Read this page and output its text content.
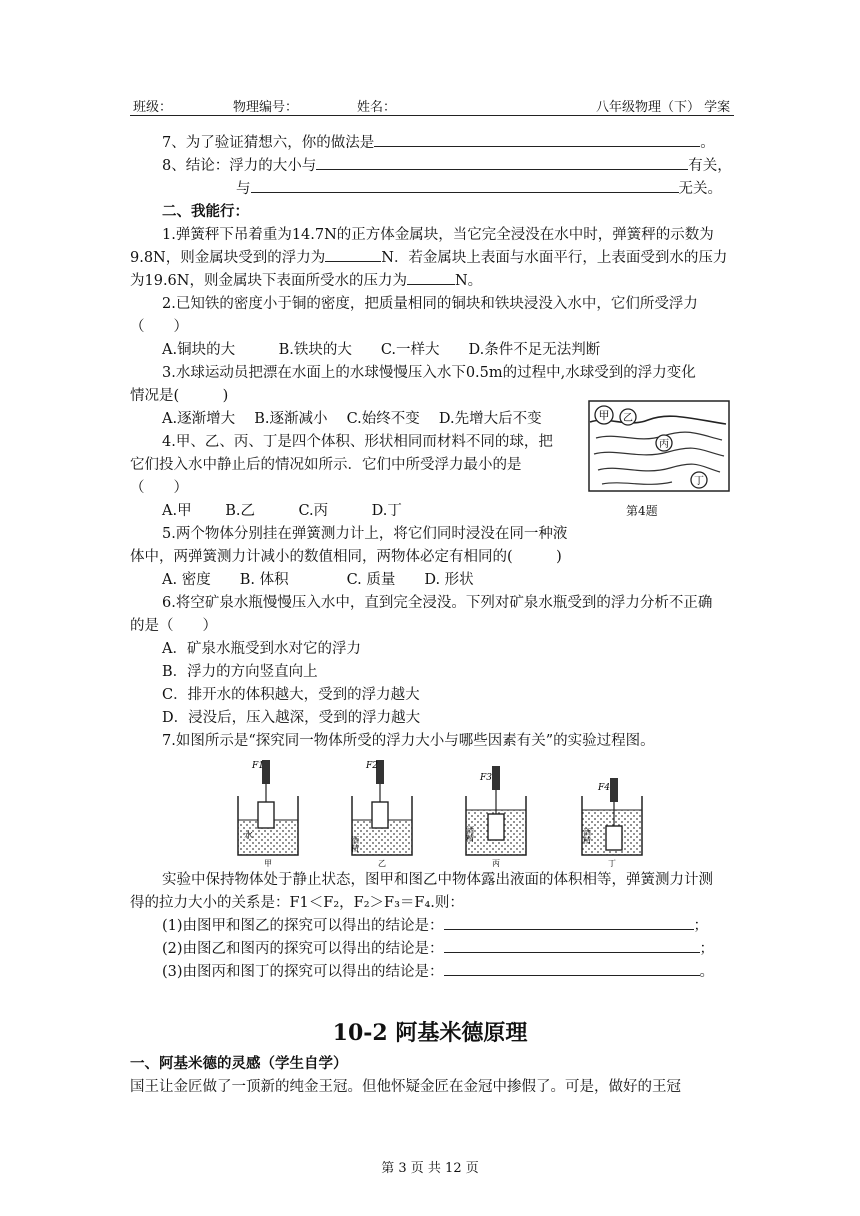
班级：	物理编号：	姓名：	八年级物理（下） 学案
7、为了验证猜想六，你的做法是	。
8、结论：浮力的大小与	有关，
与	无关。
二、我能行：
1.弹簧秤下吊着重为14.7N的正方体金属块，当它完全浸没在水中时，弹簧秤的示数为
9.8N，则金属块受到的浮力为	N．若金属块上表面与水面平行，上表面受到水的压力
为19.6N，则金属块下表面所受水的压力为	N。
2.已知铁的密度小于铜的密度，把质量相同的铜块和铁块浸没入水中，它们所受浮力
（　　）
A.铜块的大　　　B.铁块的大　　C.一样大　　D.条件不足无法判断
3.水球运动员把漂在水面上的水球慢慢压入水下0.5m的过程中,水球受到的浮力变化
情况是(　　　)
A.逐渐增大　 B.逐渐减小　 C.始终不变　 D.先增大后不变
4.甲、乙、丙、丁是四个体积、形状相同而材料不同的球，把
它们投入水中静止后的情况如所示．它们中所受浮力最小的是
（　　）
A.甲　　 B.乙　　　C.丙　　　D.丁
甲 乙
丙
丁
第4题
5.两个物体分别挂在弹簧测力计上，将它们同时浸没在同一种液
体中，两弹簧测力计减小的数值相同，两物体必定有相同的(　　　)
A. 密度　　B. 体积　　　　C. 质量　　D. 形状
6.将空矿泉水瓶慢慢压入水中，直到完全浸没。下列对矿泉水瓶受到的浮力分析不正确
的是（　　）
A．矿泉水瓶受到水对它的浮力
B．浮力的方向竖直向上
C．排开水的体积越大，受到的浮力越大
D．浸没后，压入越深，受到的浮力越大
7.如图所示是“探究同一物体所受的浮力大小与哪些因素有关”的实验过程图。
F1
水
甲
F2
酒精
乙
F3
酒精
丙
F4
酒精
丁
实验中保持物体处于静止状态，图甲和图乙中物体露出液面的体积相等，弹簧测力计测
得的拉力大小的关系是：F1＜F₂，F₂＞F₃＝F₄.则：
(1)由图甲和图乙的探究可以得出的结论是：	；
(2)由图乙和图丙的探究可以得出的结论是：	；
(3)由图丙和图丁的探究可以得出的结论是：	。
10-2 阿基米德原理
一、阿基米德的灵感（学生自学）
国王让金匠做了一顶新的纯金王冠。但他怀疑金匠在金冠中掺假了。可是，做好的王冠
第 3 页 共 12 页
